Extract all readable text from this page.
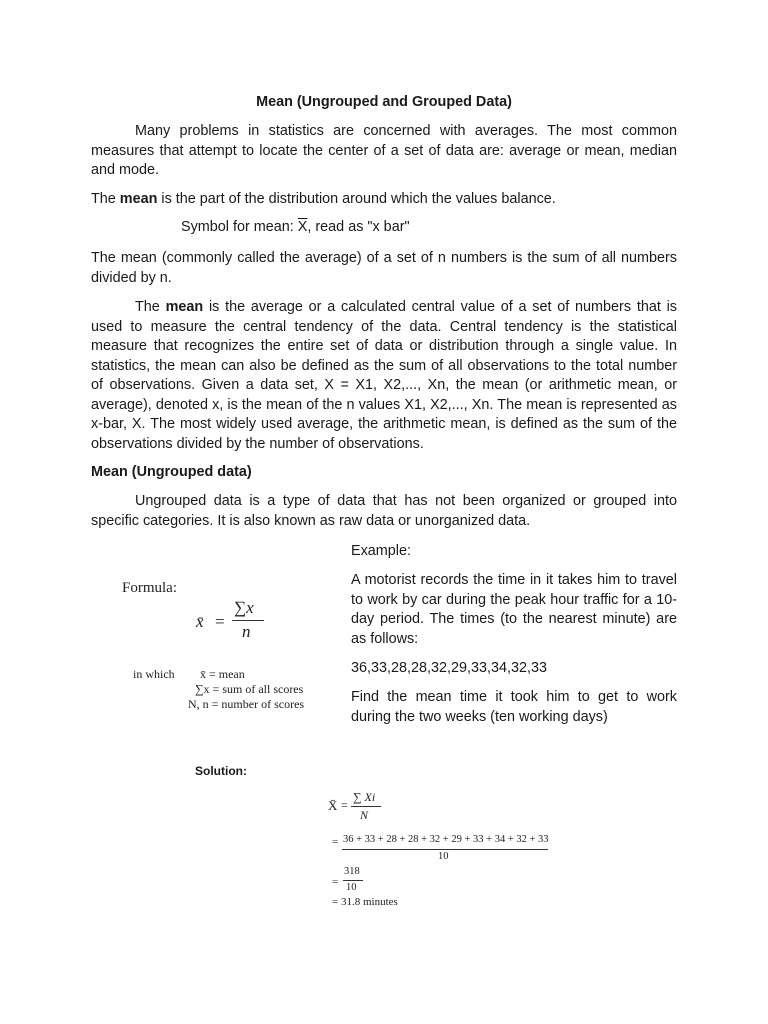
Mean (Ungrouped and Grouped Data)

Many problems in statistics are concerned with averages. The most common measures that attempt to locate the center of a set of data are: average or mean, median and mode.

The mean is the part of the distribution around which the values balance.

Symbol for mean: $\overline{X}$, read as "x bar"

The mean (commonly called the average) of a set of n numbers is the sum of all numbers divided by n.

The mean is the average or a calculated central value of a set of numbers that is used to measure the central tendency of the data. Central tendency is the statistical measure that recognizes the entire set of data or distribution through a single value. In statistics, the mean can also be defined as the sum of all observations to the total number of observations. Given a data set, X = X1, X2,..., Xn, the mean (or arithmetic mean, or average), denoted x, is the mean of the n values X1, X2,..., Xn. The mean is represented as x-bar, X. The most widely used average, the arithmetic mean, is defined as the sum of the observations divided by the number of observations.

Mean (Ungrouped data)

Ungrouped data is a type of data that has not been organized or grouped into specific categories. It is also known as raw data or unorganized data.

Example:

A motorist records the time in it takes him to travel to work by car during the peak hour traffic for a 10-day period. The times (to the nearest minute) are as follows:

36,33,28,28,32,29,33,34,32,33

Find the mean time it took him to get to work during the two weeks (ten working days)

Formula:
x̄ =
∑x
n
in which x̄ = mean
∑x = sum of all scores
N, n = number of scores
Solution:
X̄ =
∑ Xi
N
= 36 + 33 + 28 + 28 + 32 + 29 + 33 + 34 + 32 + 33
10
=
318
10
= 31.8 minutes
